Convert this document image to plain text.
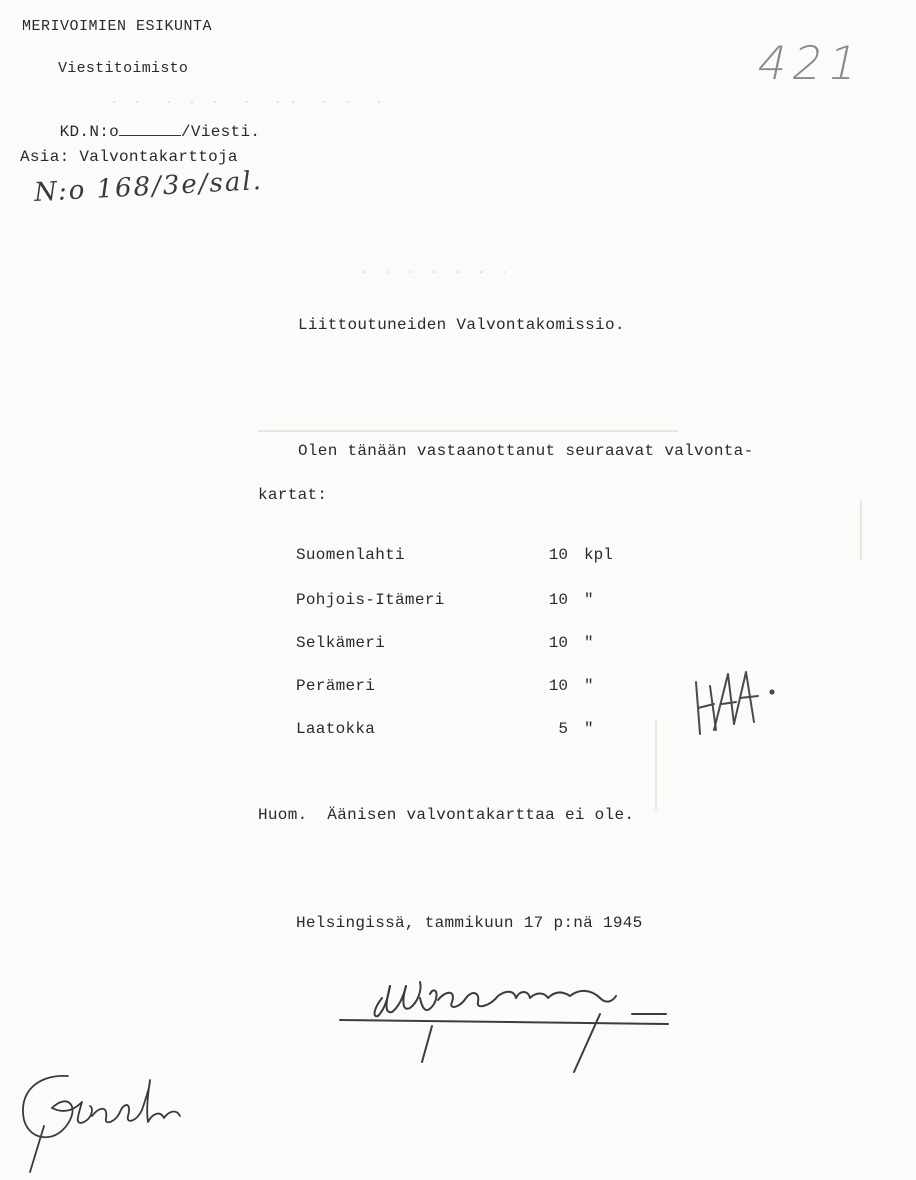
.  .   .  .  .   .   . .   .  .   .
.  .  .  .  .  .  .
MERIVOIMIEN ESIKUNTA
Viestitoimisto

KD.N:o	/Viesti.

Asia: Valvontakarttoja
N:o 168/3e/sal.
421
Liittoutuneiden Valvontakomissio.
Olen tänään vastaanottanut seuraavat valvonta-
kartat:
Suomenlahti	10 kpl
Pohjois-Itämeri	10 "
Selkämeri	10 "
Perämeri	10 "
Laatokka	5 "
Huom.  Äänisen valvontakarttaa ei ole.
Helsingissä, tammikuun 17 p:nä 1945
